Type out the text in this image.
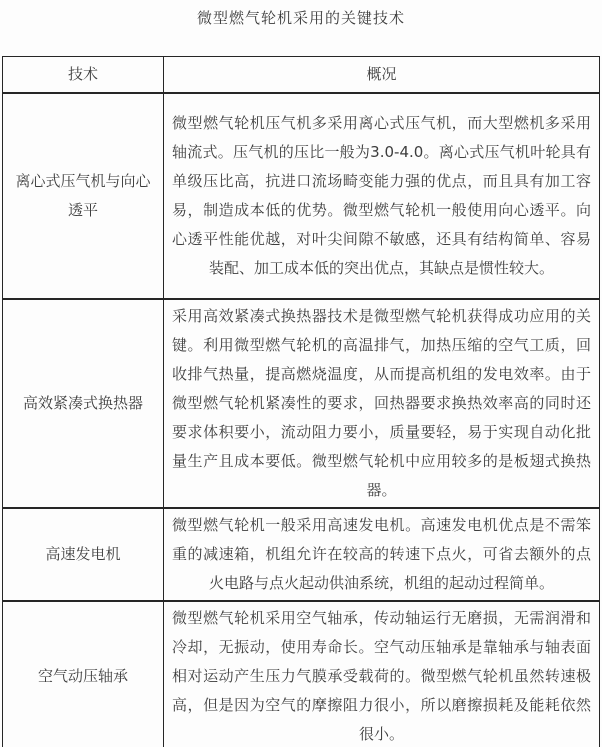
微型燃气轮机采用的关键技术
技术	概况
离心式压气机与向心透平	微型燃气轮机压气机多采用离心式压气机，而大型燃机多采用轴流式。压气机的压比一般为3.0-4.0。离心式压气机叶轮具有单级压比高，抗进口流场畸变能力强的优点，而且具有加工容易，制造成本低的优势。微型燃气轮机一般使用向心透平。向心透平性能优越，对叶尖间隙不敏感，还具有结构简单、容易装配、加工成本低的突出优点，其缺点是惯性较大。
高效紧凑式换热器	采用高效紧凑式换热器技术是微型燃气轮机获得成功应用的关键。利用微型燃气轮机的高温排气，加热压缩的空气工质，回收排气热量，提高燃烧温度，从而提高机组的发电效率。由于微型燃气轮机紧凑性的要求，回热器要求换热效率高的同时还要求体积要小，流动阻力要小，质量要轻，易于实现自动化批量生产且成本要低。微型燃气轮机中应用较多的是板翅式换热器。
高速发电机	微型燃气轮机一般采用高速发电机。高速发电机优点是不需笨重的减速箱，机组允许在较高的转速下点火，可省去额外的点火电路与点火起动供油系统，机组的起动过程简单。
空气动压轴承	微型燃气轮机采用空气轴承，传动轴运行无磨损，无需润滑和冷却，无振动，使用寿命长。空气动压轴承是靠轴承与轴表面相对运动产生压力气膜承受载荷的。微型燃气轮机虽然转速极高，但是因为空气的摩擦阻力很小，所以磨擦损耗及能耗依然很小。
